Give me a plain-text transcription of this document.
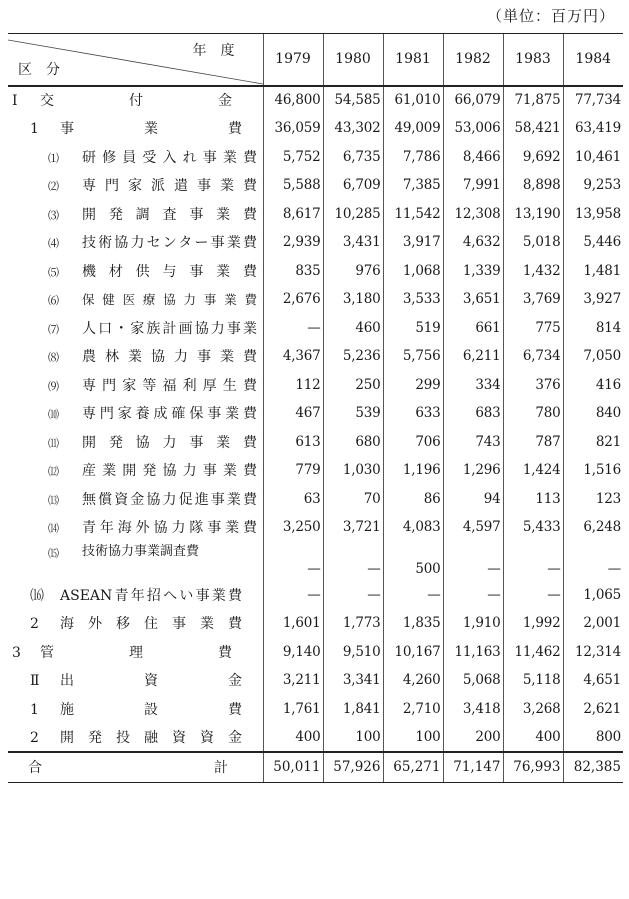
（単位：百万円）
年度
区分	1979	1980	1981	1982	1983	1984
Ⅰ 交付金	46,800	54,585	61,010	66,079	71,875	77,734
1 事業費	36,059	43,302	49,009	53,006	58,421	63,419
⑴ 研修員受入れ事業費	5,752	6,735	7,786	8,466	9,692	10,461
⑵ 専門家派遣事業費	5,588	6,709	7,385	7,991	8,898	9,253
⑶ 開発調査事業費	8,617	10,285	11,542	12,308	13,190	13,958
⑷ 技術協力センター事業費	2,939	3,431	3,917	4,632	5,018	5,446
⑸ 機材供与事業費	835	976	1,068	1,339	1,432	1,481
⑹ 保健医療協力事業費	2,676	3,180	3,533	3,651	3,769	3,927
⑺ 人口・家族計画協力事業	—	460	519	661	775	814
⑻ 農林業協力事業費	4,367	5,236	5,756	6,211	6,734	7,050
⑼ 専門家等福利厚生費	112	250	299	334	376	416
⑽ 専門家養成確保事業費	467	539	633	683	780	840
⑾ 開発協力事業費	613	680	706	743	787	821
⑿ 産業開発協力事業費	779	1,030	1,196	1,296	1,424	1,516
⒀ 無償資金協力促進事業費	63	70	86	94	113	123
⒁ 青年海外協力隊事業費	3,250	3,721	4,083	4,597	5,433	6,248
⒂ 技術協力事業調査費	—	—	500	—	—	—
⒃ ASEAN青年招へい事業費	—	—	—	—	—	1,065
2 海外移住事業費	1,601	1,773	1,835	1,910	1,992	2,001
3 管理費	9,140	9,510	10,167	11,163	11,462	12,314
Ⅱ 出資金	3,211	3,341	4,260	5,068	5,118	4,651
1 施設費	1,761	1,841	2,710	3,418	3,268	2,621
2 開発投融資資金	400	100	100	200	400	800
合計	50,011	57,926	65,271	71,147	76,993	82,385
